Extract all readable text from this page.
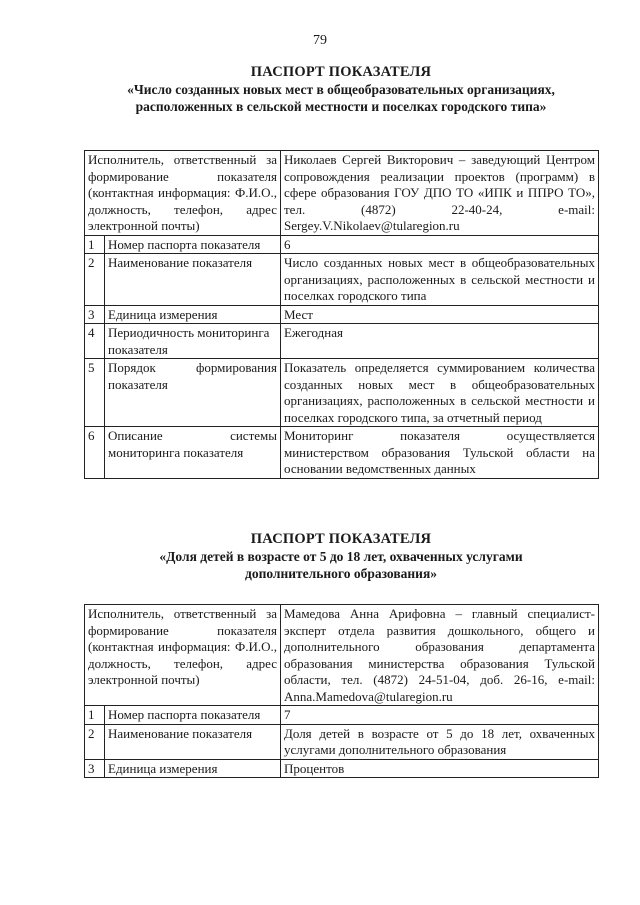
79
ПАСПОРТ ПОКАЗАТЕЛЯ
«Число созданных новых мест в общеобразовательных организациях,
расположенных в сельской местности и поселках городского типа»
Исполнитель, ответственный за формирование показателя (контактная информация: Ф.И.О., должность, телефон, адрес электронной почты)		Николаев Сергей Викторович – заведующий Центром сопровождения реализации проектов (программ) в сфере образования ГОУ ДПО ТО «ИПК и ППРО ТО», тел. (4872) 22-40-24, e-mail: Sergey.V.Nikolaev@tularegion.ru
1	Номер паспорта показателя	6
2	Наименование показателя	Число созданных новых мест в общеобразовательных организациях, расположенных в сельской местности и поселках городского типа
3	Единица измерения	Мест
4	Периодичность мониторинга показателя	Ежегодная
5	Порядок формирования показателя	Показатель определяется суммированием количества созданных новых мест в общеобразовательных организациях, расположенных в сельской местности и поселках городского типа, за отчетный период
6	Описание системы мониторинга показателя	Мониторинг показателя осуществляется министерством образования Тульской области на основании ведомственных данных
ПАСПОРТ ПОКАЗАТЕЛЯ
«Доля детей в возрасте от 5 до 18 лет, охваченных услугами
дополнительного образования»
Исполнитель, ответственный за формирование показателя (контактная информация: Ф.И.О., должность, телефон, адрес электронной почты)		Мамедова Анна Арифовна – главный специалист-эксперт отдела развития дошкольного, общего и дополнительного образования департамента образования министерства образования Тульской области, тел. (4872) 24-51-04, доб. 26-16, e-mail: Anna.Mamedova@tularegion.ru
1	Номер паспорта показателя	7
2	Наименование показателя	Доля детей в возрасте от 5 до 18 лет, охваченных услугами дополнительного образования
3	Единица измерения	Процентов
